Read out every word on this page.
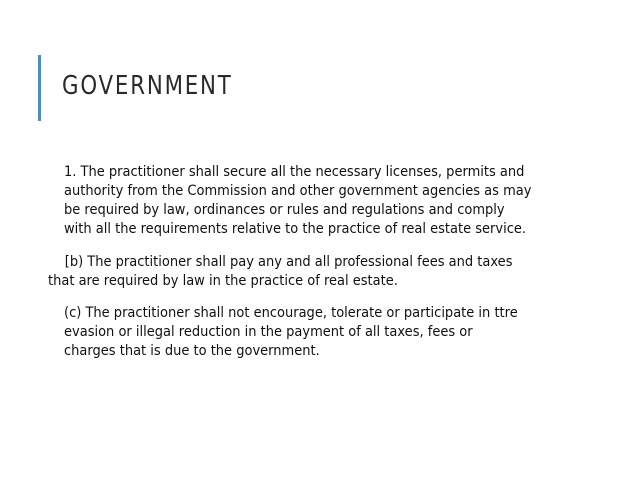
GOVERNMENT
1. The practitioner shall secure all the necessary licenses, permits and
authority from the Commission and other government agencies as may
be required by law, ordinances or rules and regulations and comply
with all the requirements relative to the practice of real estate service.
[b) The practitioner shall pay any and all professional fees and taxes
that are required by law in the practice of real estate.
(c) The practitioner shall not encourage, tolerate or participate in ttre
evasion or illegal reduction in the payment of all taxes, fees or
charges that is due to the government.
